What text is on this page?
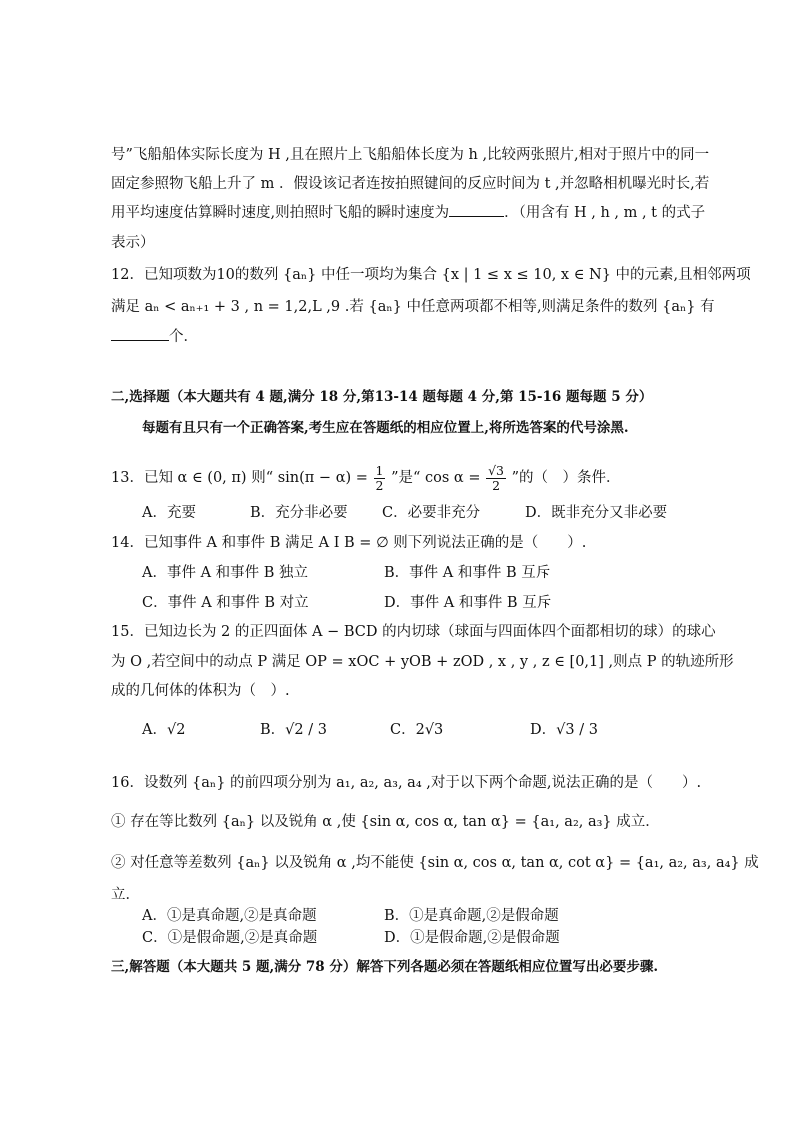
号”飞船船体实际长度为 H ,且在照片上飞船船体长度为 h ,比较两张照片,相对于照片中的同一
固定参照物飞船上升了 m ．假设该记者连按拍照键间的反应时间为 t ,并忽略相机曝光时长,若
用平均速度估算瞬时速度,则拍照时飞船的瞬时速度为	．（用含有 H , h , m , t 的式子
表示）
12．已知项数为10的数列 {aₙ} 中任一项均为集合 {x | 1 ≤ x ≤ 10, x ∈ N} 中的元素,且相邻两项
满足 aₙ < aₙ₊₁ + 3 , n = 1,2,L ,9 .若 {aₙ} 中任意两项都不相等,则满足条件的数列 {aₙ} 有
个．
二,选择题（本大题共有 4 题,满分 18 分,第13-14 题每题 4 分,第 15-16 题每题 5 分）
每题有且只有一个正确答案,考生应在答题纸的相应位置上,将所选答案的代号涂黑.
13．已知 α ∈ (0, π) 则“ $\sin(\pi - \alpha) = \frac{1}{2}$ ”是“ $\cos \alpha = \frac{√3}{2}$ ”的（　）条件．
A．充要	B．充分非必要 C．必要非充分	D．既非充分又非必要
14．已知事件 A 和事件 B 满足 A I B = ∅ 则下列说法正确的是（　　）.
A．事件 A 和事件 B 独立	B．事件 A 和事件 B 互斥
C．事件 A 和事件 B 对立	D．事件 A 和事件 B 互斥
15．已知边长为 2 的正四面体 A − BCD 的内切球（球面与四面体四个面都相切的球）的球心
为 O ,若空间中的动点 P 满足 OP = xOC + yOB + zOD , x , y , z ∈ [0,1] ,则点 P 的轨迹所形
成的几何体的体积为（　）.
A．√2	B．√2 / 3	C．2√3	D．√3 / 3
16．设数列 {aₙ} 的前四项分别为 a₁, a₂, a₃, a₄ ,对于以下两个命题,说法正确的是（　　）.
① 存在等比数列 {aₙ} 以及锐角 α ,使 {sin α, cos α, tan α} = {a₁, a₂, a₃} 成立．
② 对任意等差数列 {aₙ} 以及锐角 α ,均不能使 {sin α, cos α, tan α, cot α} = {a₁, a₂, a₃, a₄} 成
立．
A．①是真命题,②是真命题	B．①是真命题,②是假命题
C．①是假命题,②是真命题	D．①是假命题,②是假命题
三,解答题（本大题共 5 题,满分 78 分）解答下列各题必须在答题纸相应位置写出必要步骤.
